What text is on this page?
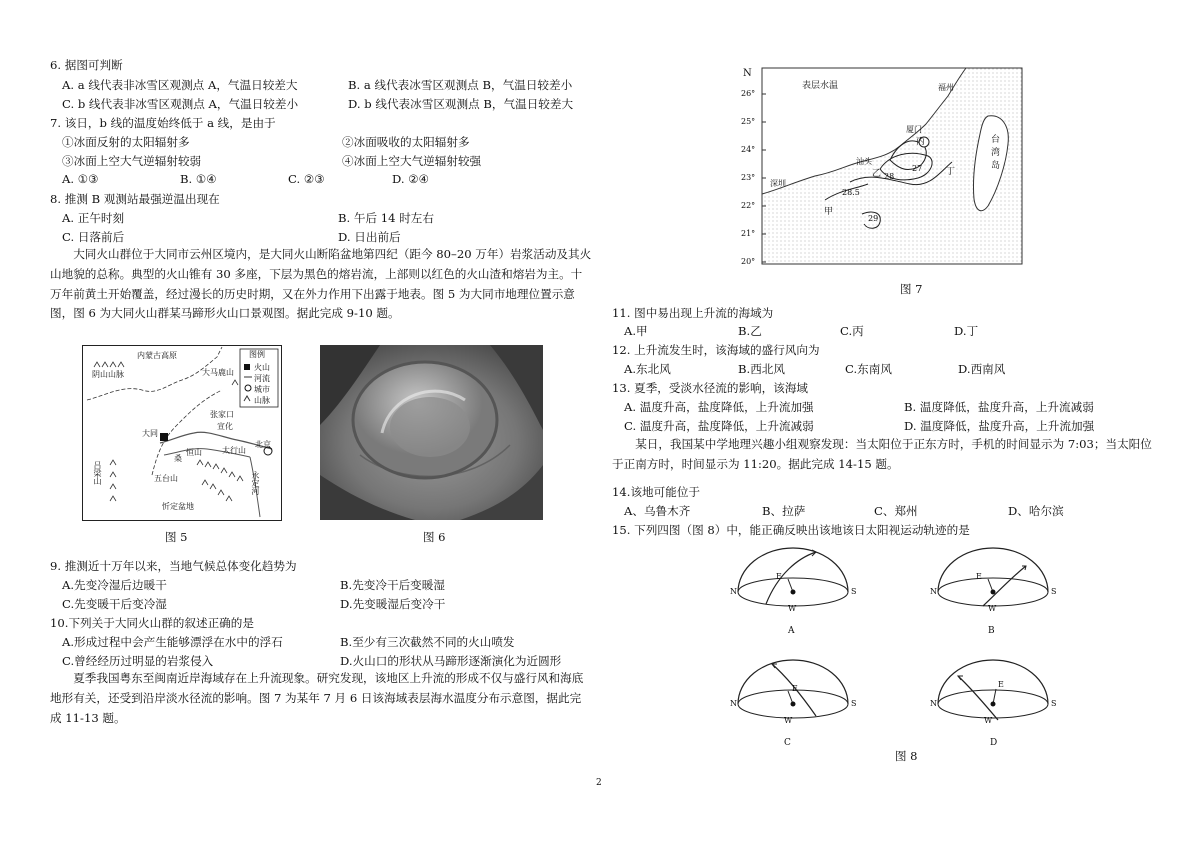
6. 据图可判断
A. a 线代表非冰雪区观测点 A，气温日较差大	B. a 线代表冰雪区观测点 B，气温日较差小
C. b 线代表非冰雪区观测点 A，气温日较差小	D. b 线代表冰雪区观测点 B，气温日较差大
7. 该日，b 线的温度始终低于 a 线，是由于
①冰面反射的太阳辐射多	②冰面吸收的太阳辐射多
③冰面上空大气逆辐射较弱	④冰面上空大气逆辐射较强
A. ①③	B. ①④	C. ②③	D. ②④
8. 推测 B 观测站最强逆温出现在
A. 正午时刻	B. 午后 14 时左右
C. 日落前后	D. 日出前后
大同火山群位于大同市云州区境内，是大同火山断陷盆地第四纪（距今 80–20 万年）岩浆活动及其火山地貌的总称。典型的火山锥有 30 多座，下层为黑色的熔岩流，上部则以红色的火山渣和熔岩为主。十万年前黄土开始覆盖，经过漫长的历史时期，又在外力作用下出露于地表。图 5 为大同市地理位置示意图，图 6 为大同火山群某马蹄形火山口景观图。据此完成 9-10 题。
图例
火山
河流
城市
山脉
内蒙古高原
阴山山脉	大马鹿山
张家口
宣化
大同
北京
桑
恒山
五台山
忻定盆地
吕梁山	永定河
太行山
图 5	图 6
9. 推测近十万年以来，当地气候总体变化趋势为
A.先变冷湿后边暖干	B.先变冷干后变暖湿
C.先变暖干后变冷湿	D.先变暖湿后变冷干
10.下列关于大同火山群的叙述正确的是
A.形成过程中会产生能够漂浮在水中的浮石	B.至少有三次截然不同的火山喷发
C.曾经经历过明显的岩浆侵入	D.火山口的形状从马蹄形逐渐演化为近圆形
夏季我国粤东至闽南近岸海域存在上升流现象。研究发现，该地区上升流的形成不仅与盛行风和海底地形有关，还受到沿岸淡水径流的影响。图 7 为某年 7 月 6 日该海域表层海水温度分布示意图，据此完成 11-13 题。
N
26°
25°
24°
23°
22°
21°
20°
表层水温	福州
厦门
汕头
深圳
台湾岛
甲
乙
丙
丁
27
28
28.5
29
图 7
11. 图中易出现上升流的海域为
A.甲	B.乙	C.丙	D.丁
12. 上升流发生时，该海域的盛行风向为
A.东北风	B.西北风	C.东南风	D.西南风
13. 夏季，受淡水径流的影响，该海域
A. 温度升高，盐度降低，上升流加强	B. 温度降低，盐度升高，上升流减弱
C. 温度升高，盐度降低，上升流减弱	D. 温度降低，盐度升高，上升流加强
某日，我国某中学地理兴趣小组观察发现：当太阳位于正东方时，手机的时间显示为 7:03；当太阳位于正南方时，时间显示为 11:20。据此完成 14-15 题。
14.该地可能位于
A、乌鲁木齐	B、拉萨	C、郑州	D、哈尔滨
15. 下列四图（图 8）中，能正确反映出该地该日太阳视运动轨迹的是
N	S
E
W
A
N	S
E
W
B
N	S
E
W
C
N	S
E
W
D
图 8
2
